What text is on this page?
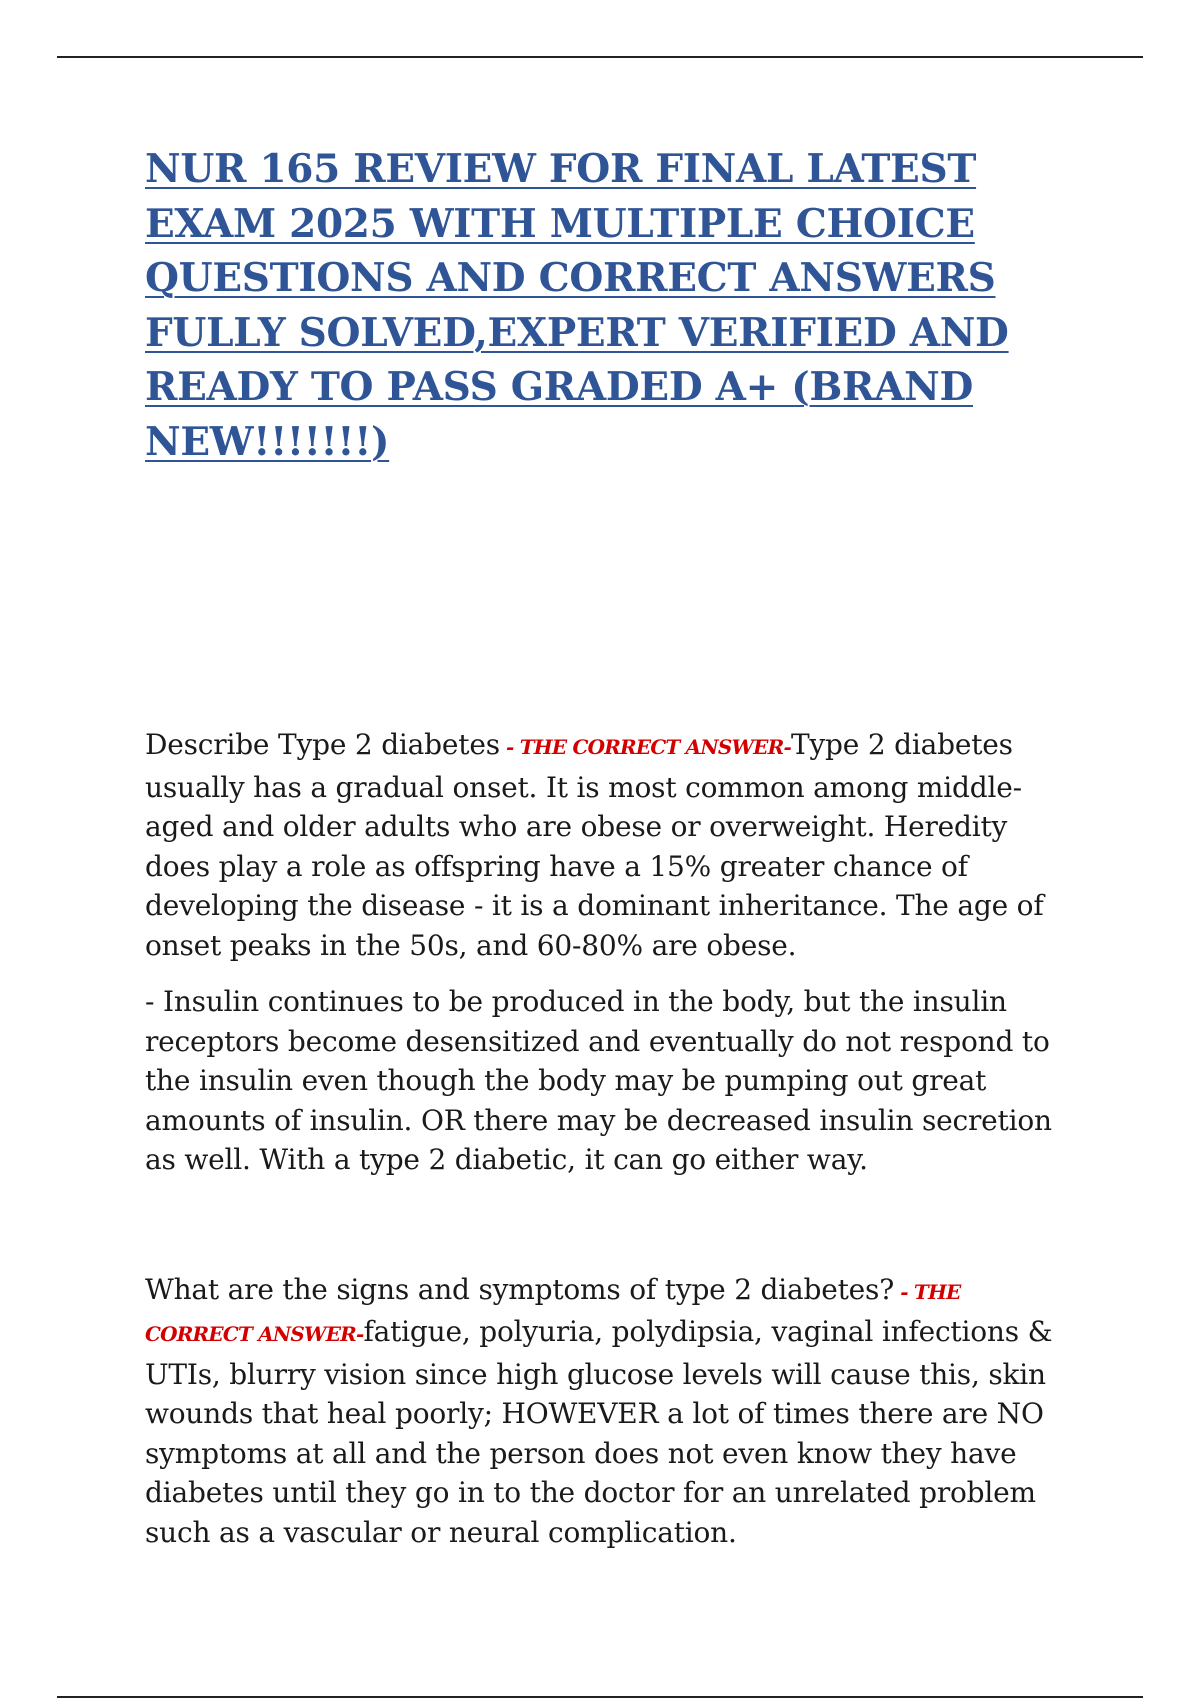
NUR 165 REVIEW FOR FINAL LATEST EXAM 2025 WITH MULTIPLE CHOICE QUESTIONS AND CORRECT ANSWERS FULLY SOLVED,EXPERT VERIFIED AND READY TO PASS GRADED A+ (BRAND NEW!!!!!!!)

Describe Type 2 diabetes - THE CORRECT ANSWER-Type 2 diabetes usually has a gradual onset. It is most common among middle-aged and older adults who are obese or overweight. Heredity does play a role as offspring have a 15% greater chance of developing the disease - it is a dominant inheritance. The age of onset peaks in the 50s, and 60-80% are obese.

- Insulin continues to be produced in the body, but the insulin receptors become desensitized and eventually do not respond to the insulin even though the body may be pumping out great amounts of insulin. OR there may be decreased insulin secretion as well. With a type 2 diabetic, it can go either way.

What are the signs and symptoms of type 2 diabetes? - THE CORRECT ANSWER-fatigue, polyuria, polydipsia, vaginal infections & UTIs, blurry vision since high glucose levels will cause this, skin wounds that heal poorly; HOWEVER a lot of times there are NO symptoms at all and the person does not even know they have diabetes until they go in to the doctor for an unrelated problem such as a vascular or neural complication.
